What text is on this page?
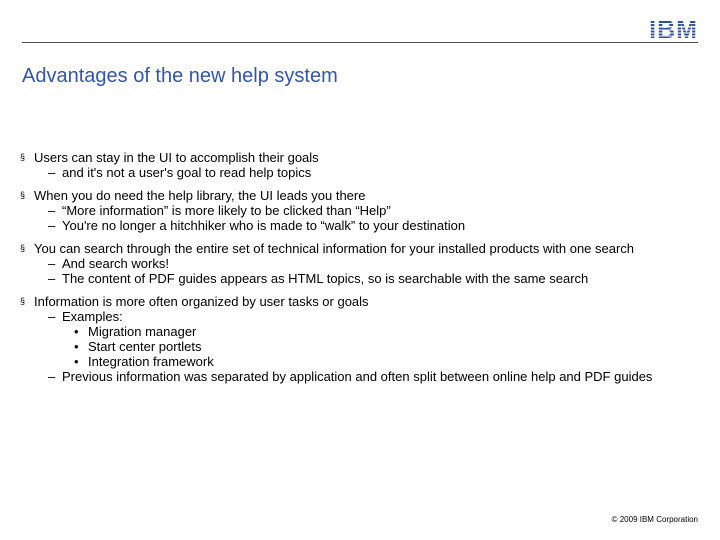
IBM
Advantages of the new help system
§ Users can stay in the UI to accomplish their goals
– and it's not a user's goal to read help topics
§ When you do need the help library, the UI leads you there
– “More information” is more likely to be clicked than “Help”
– You're no longer a hitchhiker who is made to “walk” to your destination
§ You can search through the entire set of technical information for your installed products with one search
– And search works!
– The content of PDF guides appears as HTML topics, so is searchable with the same search
§ Information is more often organized by user tasks or goals
– Examples:
• Migration manager
• Start center portlets
• Integration framework
– Previous information was separated by application and often split between online help and PDF guides
© 2009 IBM Corporation
